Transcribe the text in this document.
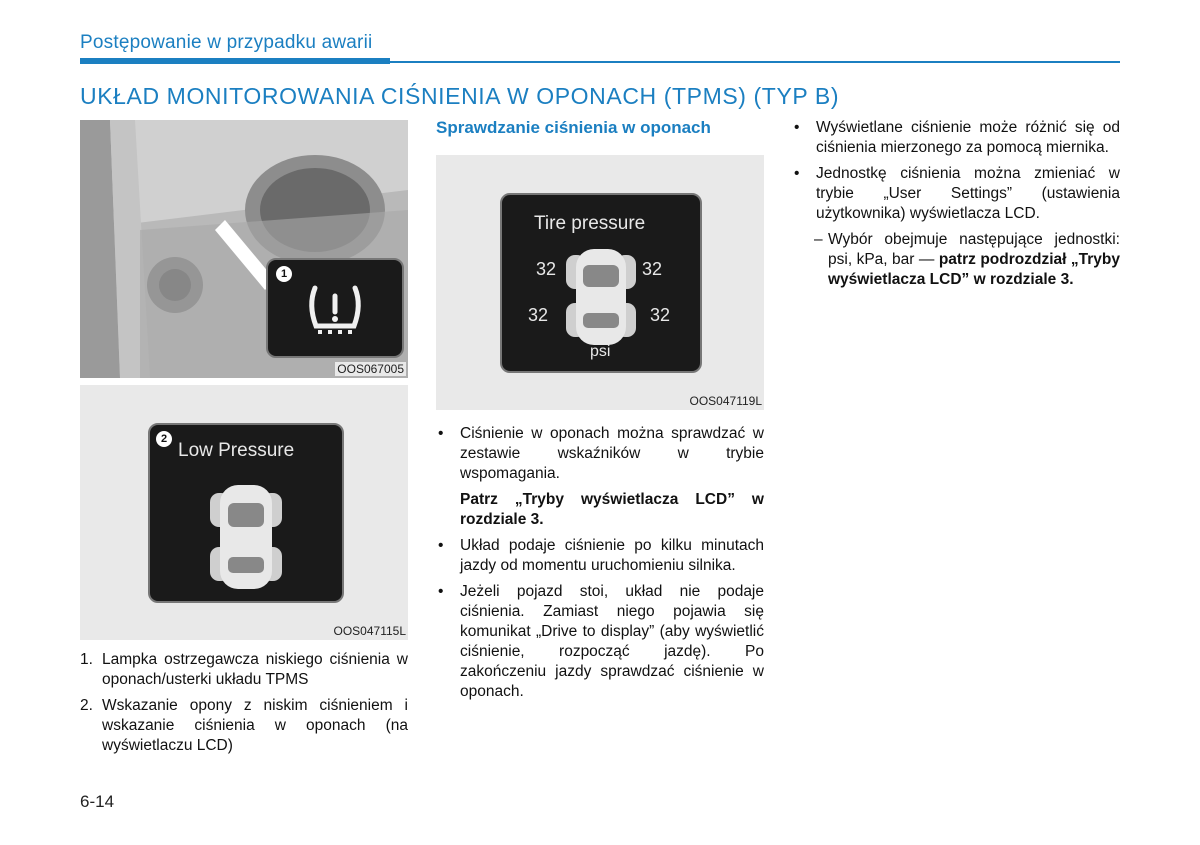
Postępowanie w przypadku awarii
UKŁAD MONITOROWANIA CIŚNIENIA W OPONACH (TPMS) (TYP B)
1
OOS067005
2
Low Pressure
OOS047115L
1. Lampka ostrzegawcza niskiego ciśnienia w oponach/usterki układu TPMS
2. Wskazanie opony z niskim ciśnieniem i wskazanie ciśnienia w oponach (na wyświetlaczu LCD)
Sprawdzanie ciśnienia w oponach
Tire pressure
32	32
32	32
psi
OOS047119L
•	Ciśnienie w oponach można sprawdzać w zestawie wskaźników w trybie wspomagania.
Patrz „Tryby wyświetlacza LCD” w rozdziale 3.
•	Układ podaje ciśnienie po kilku minutach jazdy od momentu uruchomieniu silnika.
•	Jeżeli pojazd stoi, układ nie podaje ciśnienia. Zamiast niego pojawia się komunikat „Drive to display” (aby wyświetlić ciśnienie, rozpocząć jazdę). Po zakończeniu jazdy sprawdzać ciśnienie w oponach.
•	Wyświetlane ciśnienie może różnić się od ciśnienia mierzonego za pomocą miernika.
•	Jednostkę ciśnienia można zmieniać w trybie „User Settings” (ustawienia użytkownika) wyświetlacza LCD.
– Wybór obejmuje następujące jednostki: psi, kPa, bar — patrz podrozdział „Tryby wyświetlacza LCD” w rozdziale 3.
6-14
